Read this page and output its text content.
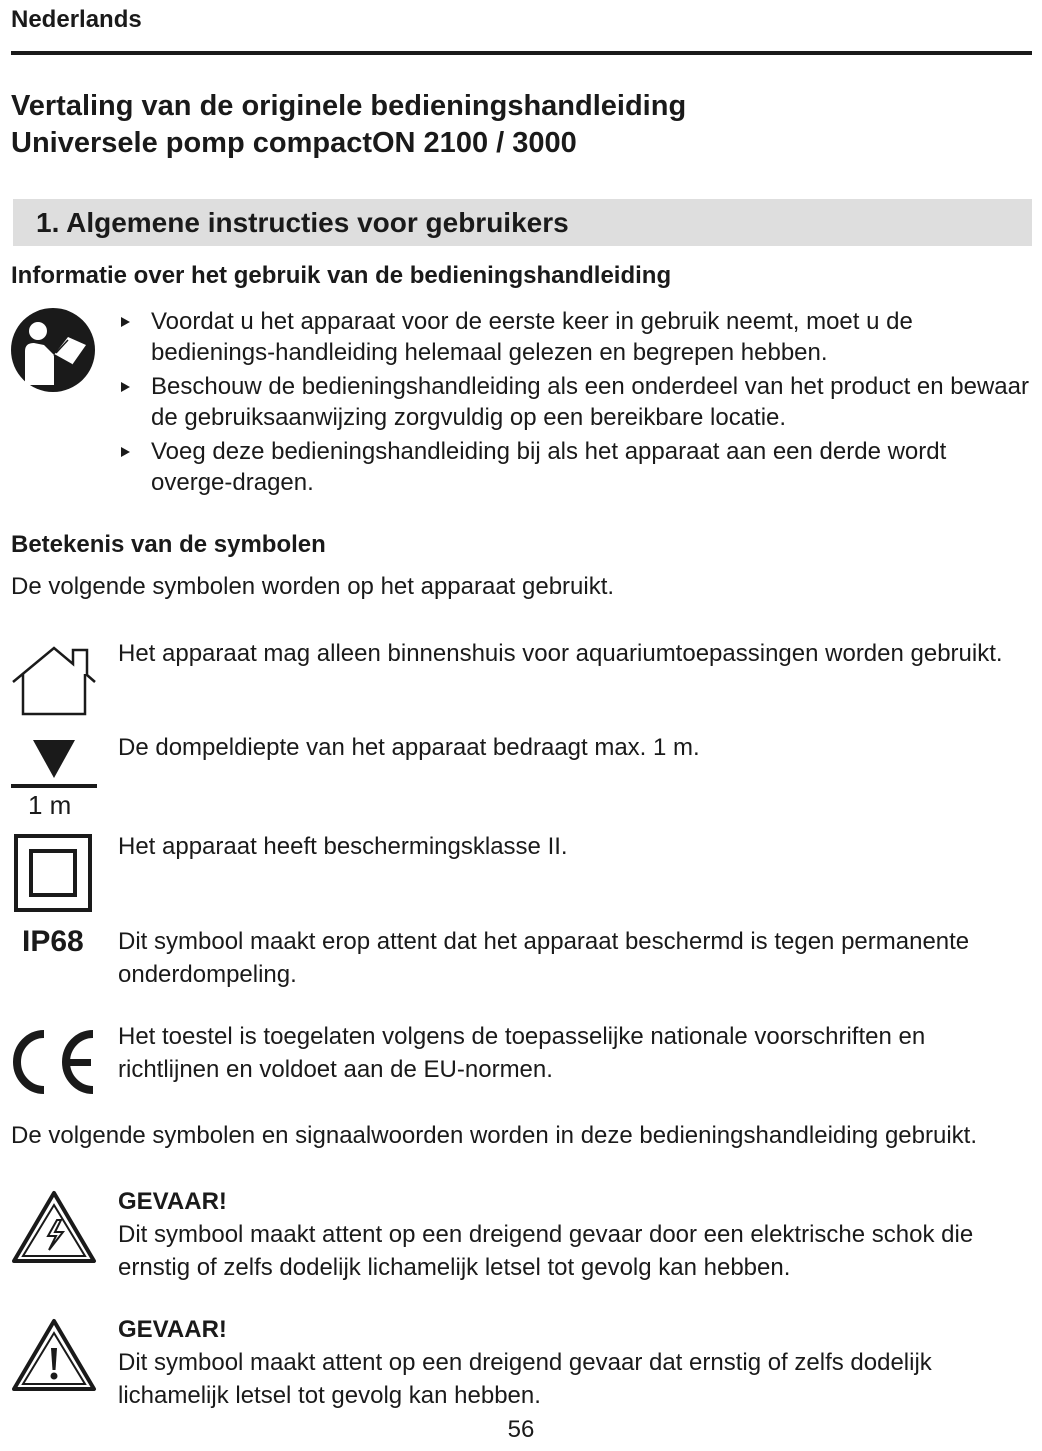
Nederlands
Vertaling van de originele bedieningshandleiding
Universele pomp compactON 2100 / 3000
1. Algemene instructies voor gebruikers
Informatie over het gebruik van de bedieningshandleiding
Voordat u het apparaat voor de eerste keer in gebruik neemt, moet u de bedienings-handleiding helemaal gelezen en begrepen hebben.
Beschouw de bedieningshandleiding als een onderdeel van het product en bewaar de gebruiksaanwijzing zorgvuldig op een bereikbare locatie.
Voeg deze bedieningshandleiding bij als het apparaat aan een derde wordt overge-dragen.
Betekenis van de symbolen
De volgende symbolen worden op het apparaat gebruikt.
Het apparaat mag alleen binnenshuis voor aquariumtoepassingen worden gebruikt.
1 m
De dompeldiepte van het apparaat bedraagt max. 1 m.
Het apparaat heeft beschermingsklasse II.
IP68 Dit symbool maakt erop attent dat het apparaat beschermd is tegen permanente onderdompeling.
Het toestel is toegelaten volgens de toepasselijke nationale voorschriften en richtlijnen en voldoet aan de EU-normen.
De volgende symbolen en signaalwoorden worden in deze bedieningshandleiding gebruikt.
GEVAAR!
Dit symbool maakt attent op een dreigend gevaar door een elektrische schok die ernstig of zelfs dodelijk lichamelijk letsel tot gevolg kan hebben.
GEVAAR!
Dit symbool maakt attent op een dreigend gevaar dat ernstig of zelfs dodelijk lichamelijk letsel tot gevolg kan hebben.
56
